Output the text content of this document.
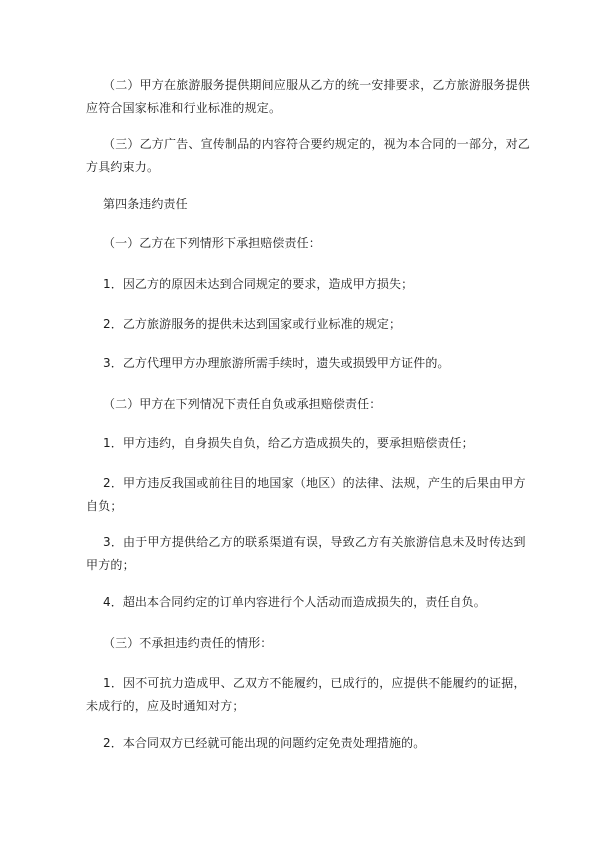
（二）甲方在旅游服务提供期间应服从乙方的统一安排要求，乙方旅游服务提供
应符合国家标准和行业标准的规定。

（三）乙方广告、宣传制品的内容符合要约规定的，视为本合同的一部分，对乙
方具约束力。

第四条违约责任

（一）乙方在下列情形下承担赔偿责任：

1．因乙方的原因未达到合同规定的要求，造成甲方损失；

2．乙方旅游服务的提供未达到国家或行业标准的规定；

3．乙方代理甲方办理旅游所需手续时，遗失或损毁甲方证件的。

（二）甲方在下列情况下责任自负或承担赔偿责任：

1．甲方违约，自身损失自负，给乙方造成损失的，要承担赔偿责任；

2．甲方违反我国或前往目的地国家（地区）的法律、法规，产生的后果由甲方
自负；

3．由于甲方提供给乙方的联系渠道有误，导致乙方有关旅游信息未及时传达到
甲方的；

4．超出本合同约定的订单内容进行个人活动而造成损失的，责任自负。

（三）不承担违约责任的情形：

1．因不可抗力造成甲、乙双方不能履约，已成行的，应提供不能履约的证据，
未成行的，应及时通知对方；

2．本合同双方已经就可能出现的问题约定免责处理措施的。
